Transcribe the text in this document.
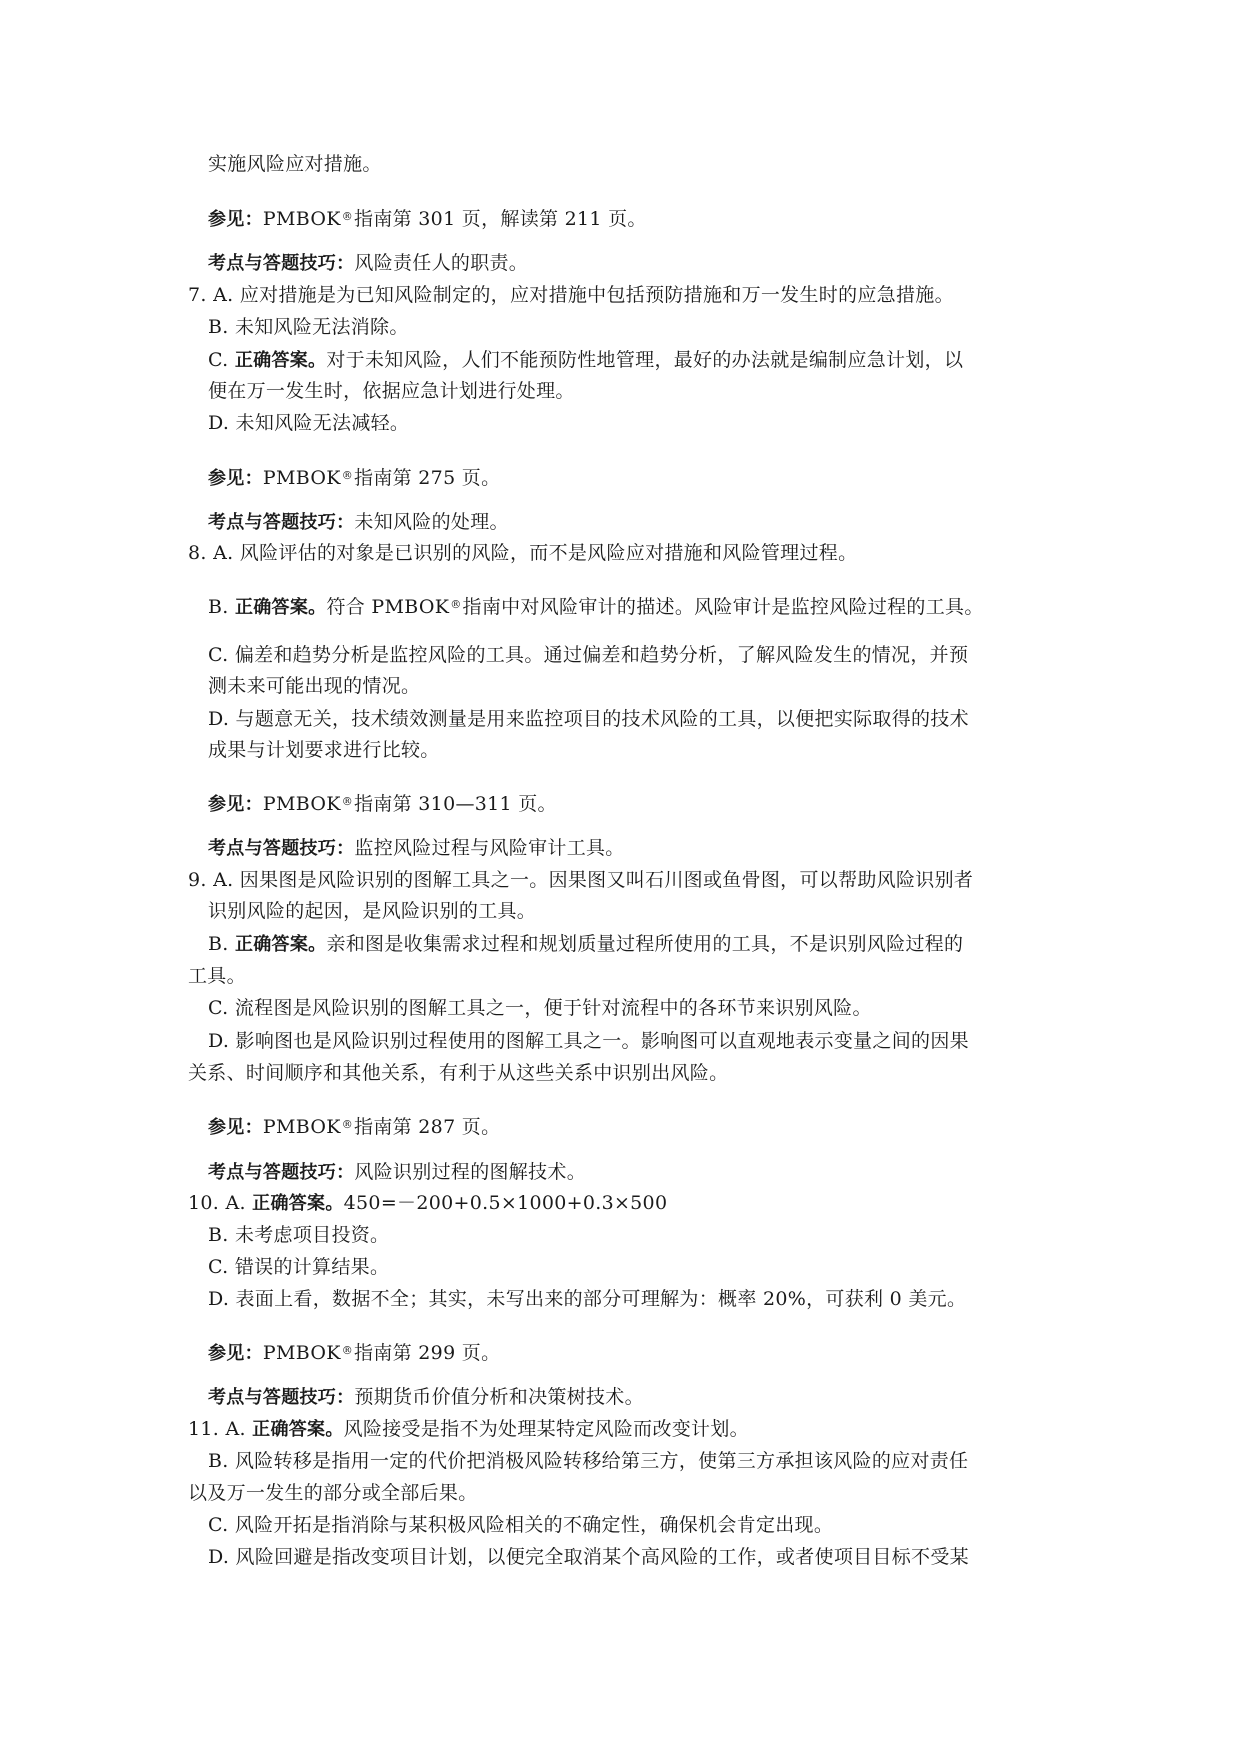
实施风险应对措施。
参见：PMBOK®指南第 301 页，解读第 211 页。
考点与答题技巧：风险责任人的职责。
7. A. 应对措施是为已知风险制定的，应对措施中包括预防措施和万一发生时的应急措施。
B. 未知风险无法消除。
C. 正确答案。对于未知风险，人们不能预防性地管理，最好的办法就是编制应急计划，以
便在万一发生时，依据应急计划进行处理。
D. 未知风险无法减轻。
参见：PMBOK®指南第 275 页。
考点与答题技巧：未知风险的处理。
8. A. 风险评估的对象是已识别的风险，而不是风险应对措施和风险管理过程。
B. 正确答案。符合 PMBOK®指南中对风险审计的描述。风险审计是监控风险过程的工具。
C. 偏差和趋势分析是监控风险的工具。通过偏差和趋势分析，了解风险发生的情况，并预
测未来可能出现的情况。
D. 与题意无关，技术绩效测量是用来监控项目的技术风险的工具，以便把实际取得的技术
成果与计划要求进行比较。
参见：PMBOK®指南第 310—311 页。
考点与答题技巧：监控风险过程与风险审计工具。
9. A. 因果图是风险识别的图解工具之一。因果图又叫石川图或鱼骨图，可以帮助风险识别者
识别风险的起因，是风险识别的工具。
B. 正确答案。亲和图是收集需求过程和规划质量过程所使用的工具，不是识别风险过程的
工具。
C. 流程图是风险识别的图解工具之一，便于针对流程中的各环节来识别风险。
D. 影响图也是风险识别过程使用的图解工具之一。影响图可以直观地表示变量之间的因果
关系、时间顺序和其他关系，有利于从这些关系中识别出风险。
参见：PMBOK®指南第 287 页。
考点与答题技巧：风险识别过程的图解技术。
10. A. 正确答案。450=－200+0.5×1000+0.3×500
B. 未考虑项目投资。
C. 错误的计算结果。
D. 表面上看，数据不全；其实，未写出来的部分可理解为：概率 20%，可获利 0 美元。
参见：PMBOK®指南第 299 页。
考点与答题技巧：预期货币价值分析和决策树技术。
11. A. 正确答案。风险接受是指不为处理某特定风险而改变计划。
B. 风险转移是指用一定的代价把消极风险转移给第三方，使第三方承担该风险的应对责任
以及万一发生的部分或全部后果。
C. 风险开拓是指消除与某积极风险相关的不确定性，确保机会肯定出现。
D. 风险回避是指改变项目计划，以便完全取消某个高风险的工作，或者使项目目标不受某
